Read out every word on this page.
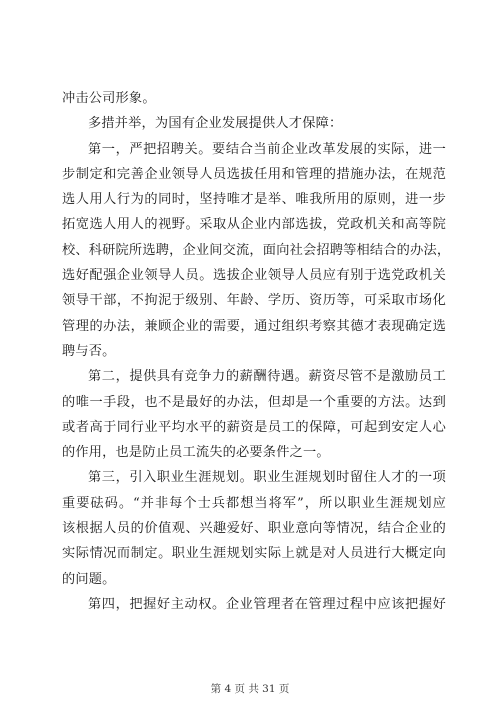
冲击公司形象。
多措并举，为国有企业发展提供人才保障：
第一，严把招聘关。要结合当前企业改革发展的实际，进一
步制定和完善企业领导人员选拔任用和管理的措施办法，在规范
选人用人行为的同时，坚持唯才是举、唯我所用的原则，进一步
拓宽选人用人的视野。采取从企业内部选拔，党政机关和高等院
校、科研院所选聘，企业间交流，面向社会招聘等相结合的办法，
选好配强企业领导人员。选拔企业领导人员应有别于选党政机关
领导干部，不拘泥于级别、年龄、学历、资历等，可采取市场化
管理的办法，兼顾企业的需要，通过组织考察其德才表现确定选
聘与否。
第二，提供具有竞争力的薪酬待遇。薪资尽管不是激励员工
的唯一手段，也不是最好的办法，但却是一个重要的方法。达到
或者高于同行业平均水平的薪资是员工的保障，可起到安定人心
的作用，也是防止员工流失的必要条件之一。
第三，引入职业生涯规划。职业生涯规划时留住人才的一项
重要砝码。“并非每个士兵都想当将军”，所以职业生涯规划应
该根据人员的价值观、兴趣爱好、职业意向等情况，结合企业的
实际情况而制定。职业生涯规划实际上就是对人员进行大概定向
的问题。
第四，把握好主动权。企业管理者在管理过程中应该把握好
第 4 页 共 31 页
